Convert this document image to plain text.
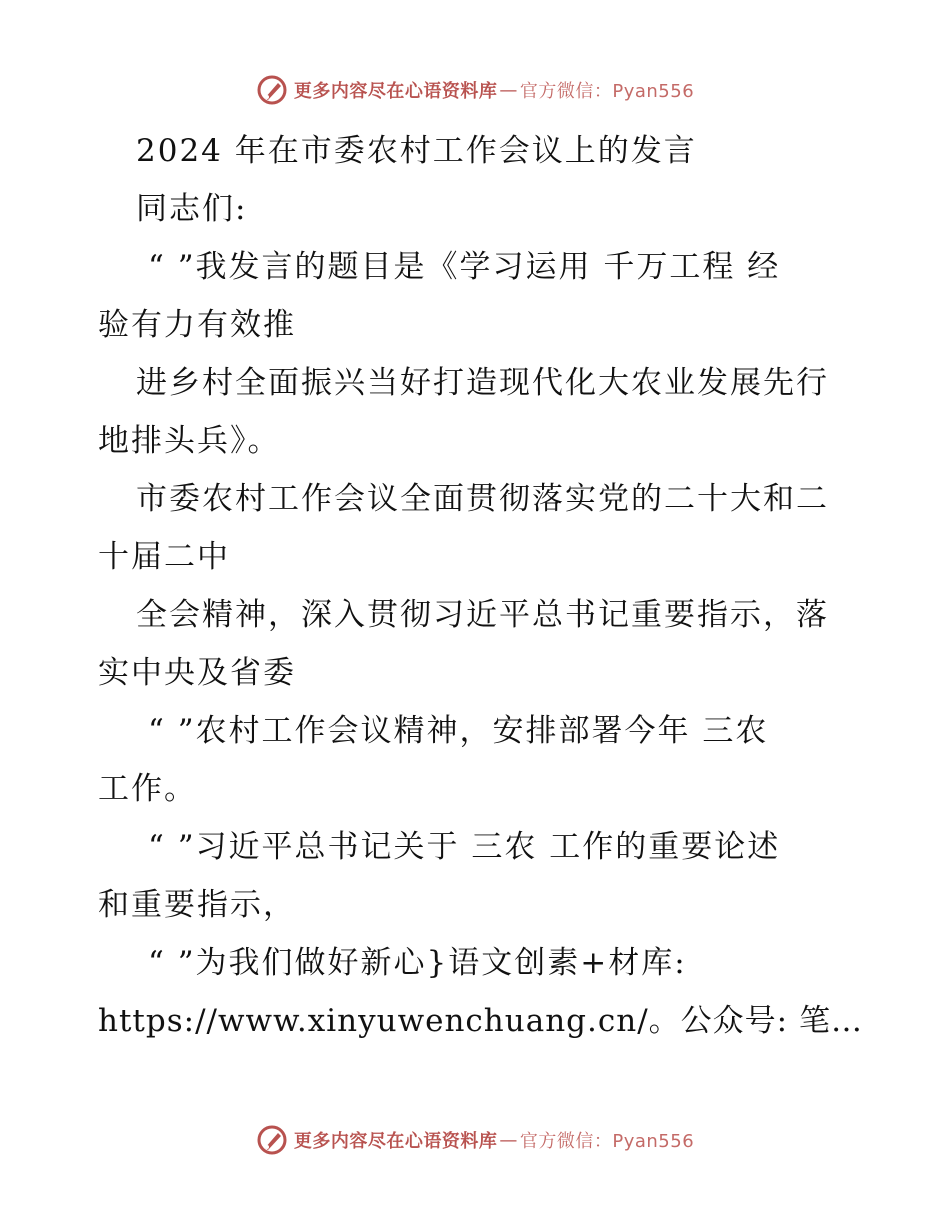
更多内容尽在心语资料库 — 官方微信：Pyan556
2024 年在市委农村工作会议上的发言
同志们:
“ ”我发言的题目是《学习运用 千万工程 经
验有力有效推
进乡村全面振兴当好打造现代化大农业发展先行
地排头兵》。
市委农村工作会议全面贯彻落实党的二十大和二
十届二中
全会精神，深入贯彻习近平总书记重要指示，落
实中央及省委
“ ”农村工作会议精神，安排部署今年 三农
工作。
“ ”习近平总书记关于 三农 工作的重要论述
和重要指示，
“ ”为我们做好新心}语文创素+材库:
https://www.xinyuwenchuang.cn/。公众号: 笔…
更多内容尽在心语资料库 — 官方微信：Pyan556
